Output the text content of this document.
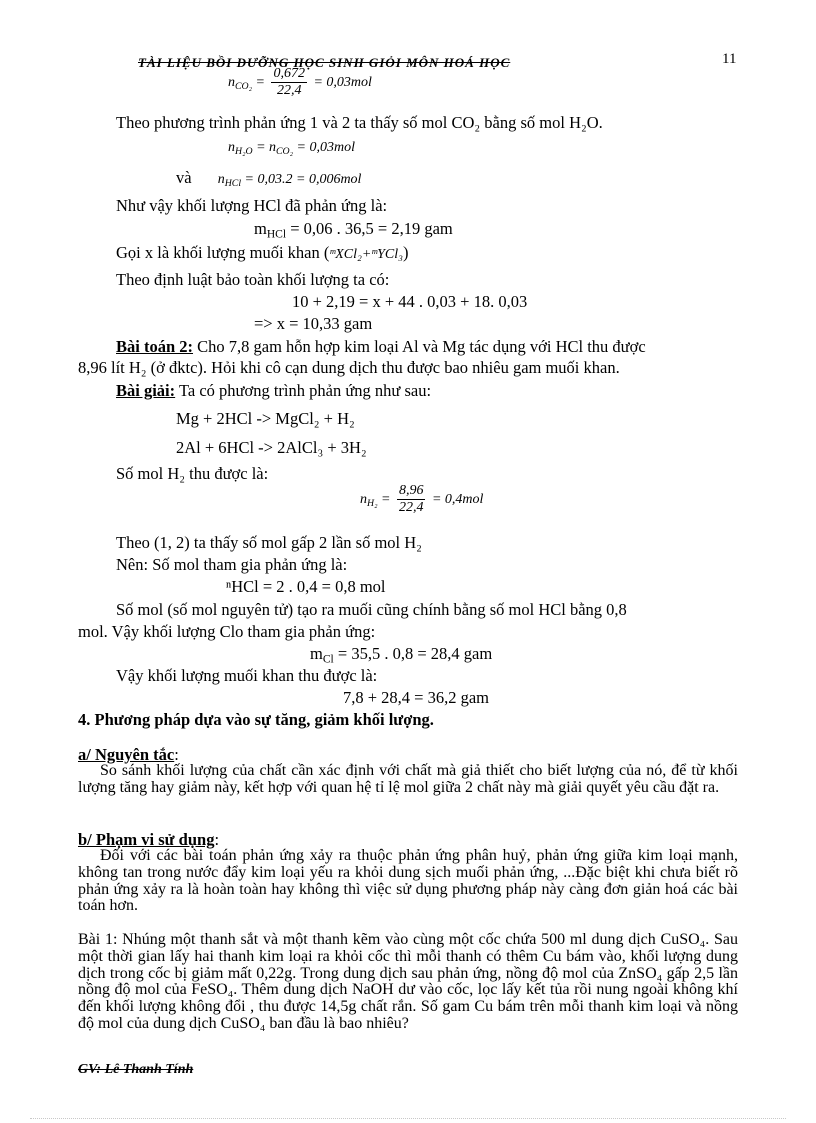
TÀI LIỆU BỒI DƯỠNG HỌC SINH GIỎI MÔN HOÁ HỌC	11
$n_{CO_2} = \frac{0,672}{22,4} = 0,03mol$
Theo phương trình phản ứng 1 và 2 ta thấy số mol CO₂ bằng số mol H₂O.
$n_{H_2O} = n_{CO_2} = 0,03mol$
và $n_{HCl} = 0,03.2 = 0,006mol$
Như vậy khối lượng HCl đã phản ứng là:
$m_{HCl} = 0,06$ . 36,5 = 2,19 gam
Gọi x là khối lượng muối khan (ᵐXCl₂+ᵐYCl₃)
Theo định luật bảo toàn khối lượng ta có:
10 + 2,19 = x + 44 . 0,03 + 18. 0,03
=> x = 10,33 gam
Bài toán 2: Cho 7,8 gam hỗn hợp kim loại Al và Mg tác dụng với HCl thu được
8,96 lít H₂ (ở đktc). Hỏi khi cô cạn dung dịch thu được bao nhiêu gam muối khan.
Bài giải: Ta có phương trình phản ứng như sau:
Mg + 2HCl -> MgCl₂ + H₂
2Al + 6HCl -> 2AlCl₃ + 3H₂
Số mol H₂ thu được là:
$n_{H_2} = \frac{8,96}{22,4} = 0,4mol$
Theo (1, 2) ta thấy số mol gấp 2 lần số mol H₂
Nên: Số mol tham gia phản ứng là:
ⁿHCl = 2 . 0,4 = 0,8 mol
Số mol (số mol nguyên tử) tạo ra muối cũng chính bằng số mol HCl bằng 0,8
mol. Vậy khối lượng Clo tham gia phản ứng:
$m_{Cl} = 35,5$ . 0,8 = 28,4 gam
Vậy khối lượng muối khan thu được là:
7,8 + 28,4 = 36,2 gam
4. Phương pháp dựa vào sự tăng, giảm khối lượng.
a/ Nguyên tắc:
So sánh khối lượng của chất cần xác định với chất mà giả thiết cho biết lượng của nó, để từ khối lượng tăng hay giảm này, kết hợp với quan hệ tỉ lệ mol giữa 2 chất này mà giải quyết yêu cầu đặt ra.
b/ Phạm vi sử dụng:
Đối với các bài toán phản ứng xảy ra thuộc phản ứng phân huỷ, phản ứng giữa kim loại mạnh, không tan trong nước đẩy kim loại yếu ra khỏi dung sịch muối phản ứng, ...Đặc biệt khi chưa biết rõ phản ứng xảy ra là hoàn toàn hay không thì việc sử dụng phương pháp này càng đơn giản hoá các bài toán hơn.
Bài 1: Nhúng một thanh sắt và một thanh kẽm vào cùng một cốc chứa 500 ml dung dịch CuSO₄. Sau một thời gian lấy hai thanh kim loại ra khỏi cốc thì mỗi thanh có thêm Cu bám vào, khối lượng dung dịch trong cốc bị giảm mất 0,22g. Trong dung dịch sau phản ứng, nồng độ mol của ZnSO₄ gấp 2,5 lần nồng độ mol của FeSO₄. Thêm dung dịch NaOH dư vào cốc, lọc lấy kết tủa rồi nung ngoài không khí đến khối lượng không đổi , thu được 14,5g chất rắn. Số gam Cu bám trên mỗi thanh kim loại và nồng độ mol của dung dịch CuSO₄ ban đầu là bao nhiêu?
GV: Lê Thanh Tính
